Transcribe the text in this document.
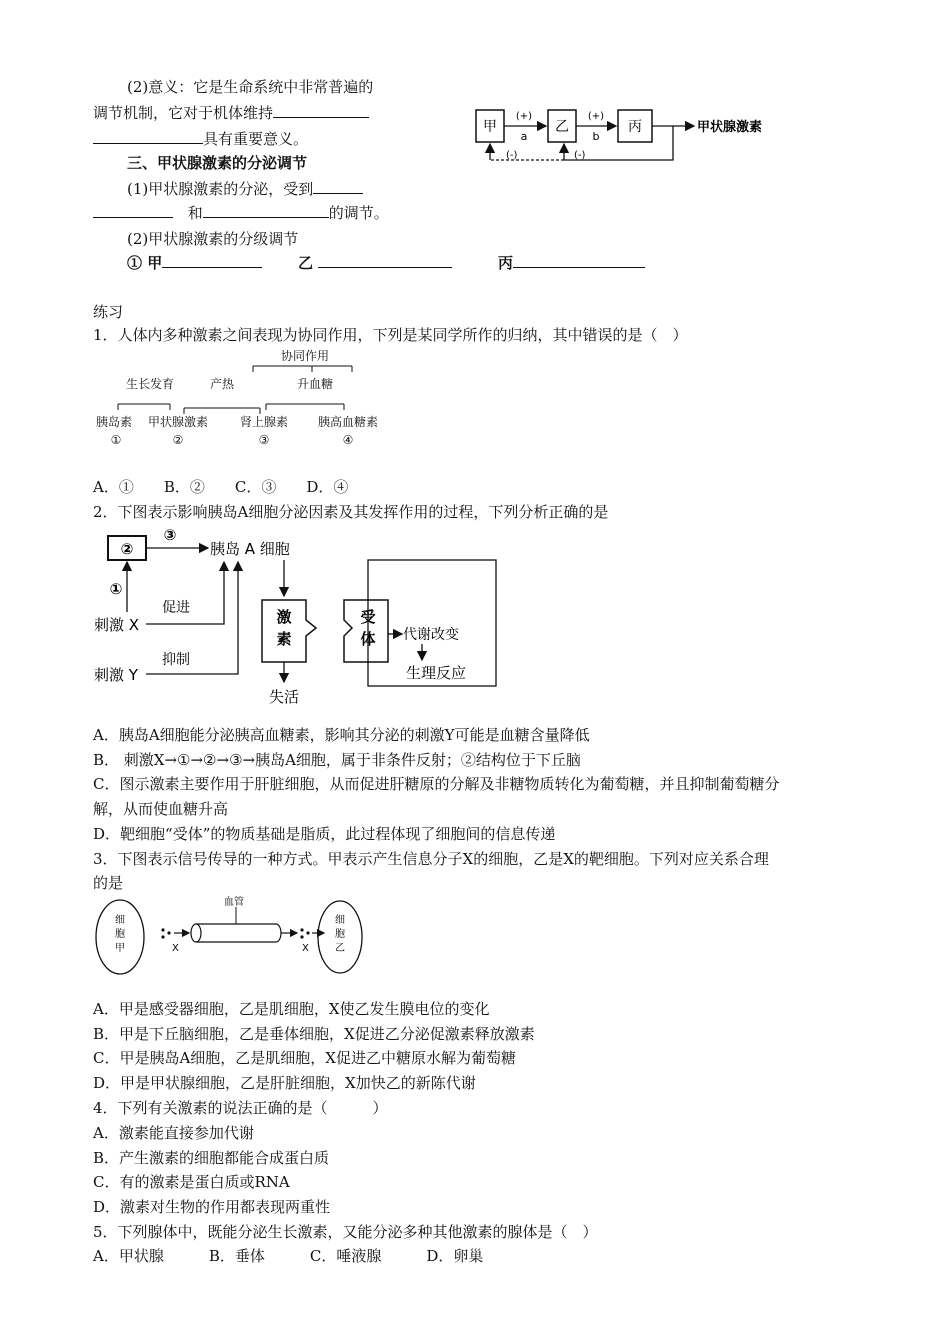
(2)意义：它是生命系统中非常普遍的
调节机制，它对于机体维持
具有重要意义。
三、甲状腺激素的分泌调节
(1)甲状腺激素的分泌，受到
和	的调节。
(2)甲状腺激素的分级调节
① 甲	乙	丙
甲	乙	丙
(+)
a
(+)
b
甲状腺激素
(-)	(-)
练习
1．人体内多种激素之间表现为协同作用，下列是某同学所作的归纳，其中错误的是（　）
协同作用
生长发育	产热	升血糖
胰岛素 甲状腺激素	肾上腺素 胰高血糖素
①	②	③	④
A．①　　B．②　　C．③　　D．④
2．下图表示影响胰岛A细胞分泌因素及其发挥作用的过程，下列分析正确的是
②
③
胰岛 A 细胞
①
刺激 X
促进
刺激 Y
抑制
激
素
失活
受
体 代谢改变
生理反应
A．胰岛A细胞能分泌胰高血糖素，影响其分泌的刺激Y可能是血糖含量降低
B． 刺激X→①→②→③→胰岛A细胞，属于非条件反射；②结构位于下丘脑
C．图示激素主要作用于肝脏细胞，从而促进肝糖原的分解及非糖物质转化为葡萄糖，并且抑制葡萄糖分
解，从而使血糖升高
D．靶细胞“受体”的物质基础是脂质，此过程体现了细胞间的信息传递
3．下图表示信号传导的一种方式。甲表示产生信息分子X的细胞，乙是X的靶细胞。下列对应关系合理
的是
细
胞
甲	X
血管
X
细
胞
乙
A．甲是感受器细胞，乙是肌细胞，X使乙发生膜电位的变化
B．甲是下丘脑细胞，乙是垂体细胞，X促进乙分泌促激素释放激素
C．甲是胰岛A细胞，乙是肌细胞，X促进乙中糖原水解为葡萄糖
D．甲是甲状腺细胞，乙是肝脏细胞，X加快乙的新陈代谢
4．下列有关激素的说法正确的是（　　　）
A．激素能直接参加代谢
B．产生激素的细胞都能合成蛋白质
C．有的激素是蛋白质或RNA
D．激素对生物的作用都表现两重性
5．下列腺体中，既能分泌生长激素，又能分泌多种其他激素的腺体是（　）
A．甲状腺　　　B．垂体　　　C．唾液腺　　　D．卵巢
